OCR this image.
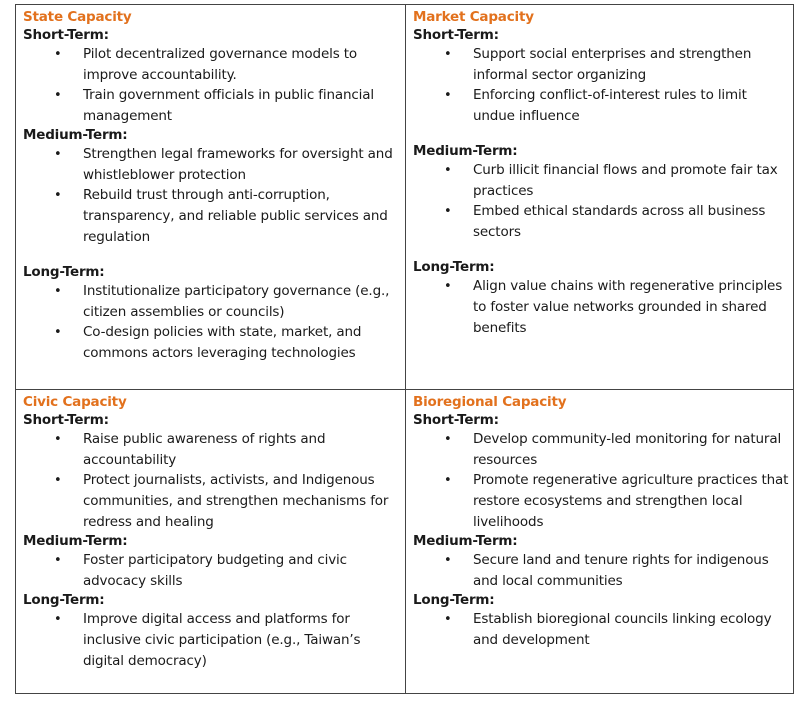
State Capacity
Short-Term:
• Pilot decentralized governance models to improve accountability.
• Train government officials in public financial management
Medium-Term:
• Strengthen legal frameworks for oversight and whistleblower protection
• Rebuild trust through anti-corruption, transparency, and reliable public services and regulation
Long-Term:
• Institutionalize participatory governance (e.g., citizen assemblies or councils)
• Co-design policies with state, market, and commons actors leveraging technologies
Market Capacity
Short-Term:
• Support social enterprises and strengthen informal sector organizing
• Enforcing conflict-of-interest rules to limit undue influence
Medium-Term:
• Curb illicit financial flows and promote fair tax practices
• Embed ethical standards across all business sectors
Long-Term:
• Align value chains with regenerative principles to foster value networks grounded in shared benefits
Civic Capacity
Short-Term:
• Raise public awareness of rights and accountability
• Protect journalists, activists, and Indigenous communities, and strengthen mechanisms for redress and healing
Medium-Term:
• Foster participatory budgeting and civic advocacy skills
Long-Term:
• Improve digital access and platforms for inclusive civic participation (e.g., Taiwan’s digital democracy)
Bioregional Capacity
Short-Term:
• Develop community-led monitoring for natural resources
• Promote regenerative agriculture practices that restore ecosystems and strengthen local livelihoods
Medium-Term:
• Secure land and tenure rights for indigenous and local communities
Long-Term:
• Establish bioregional councils linking ecology and development
